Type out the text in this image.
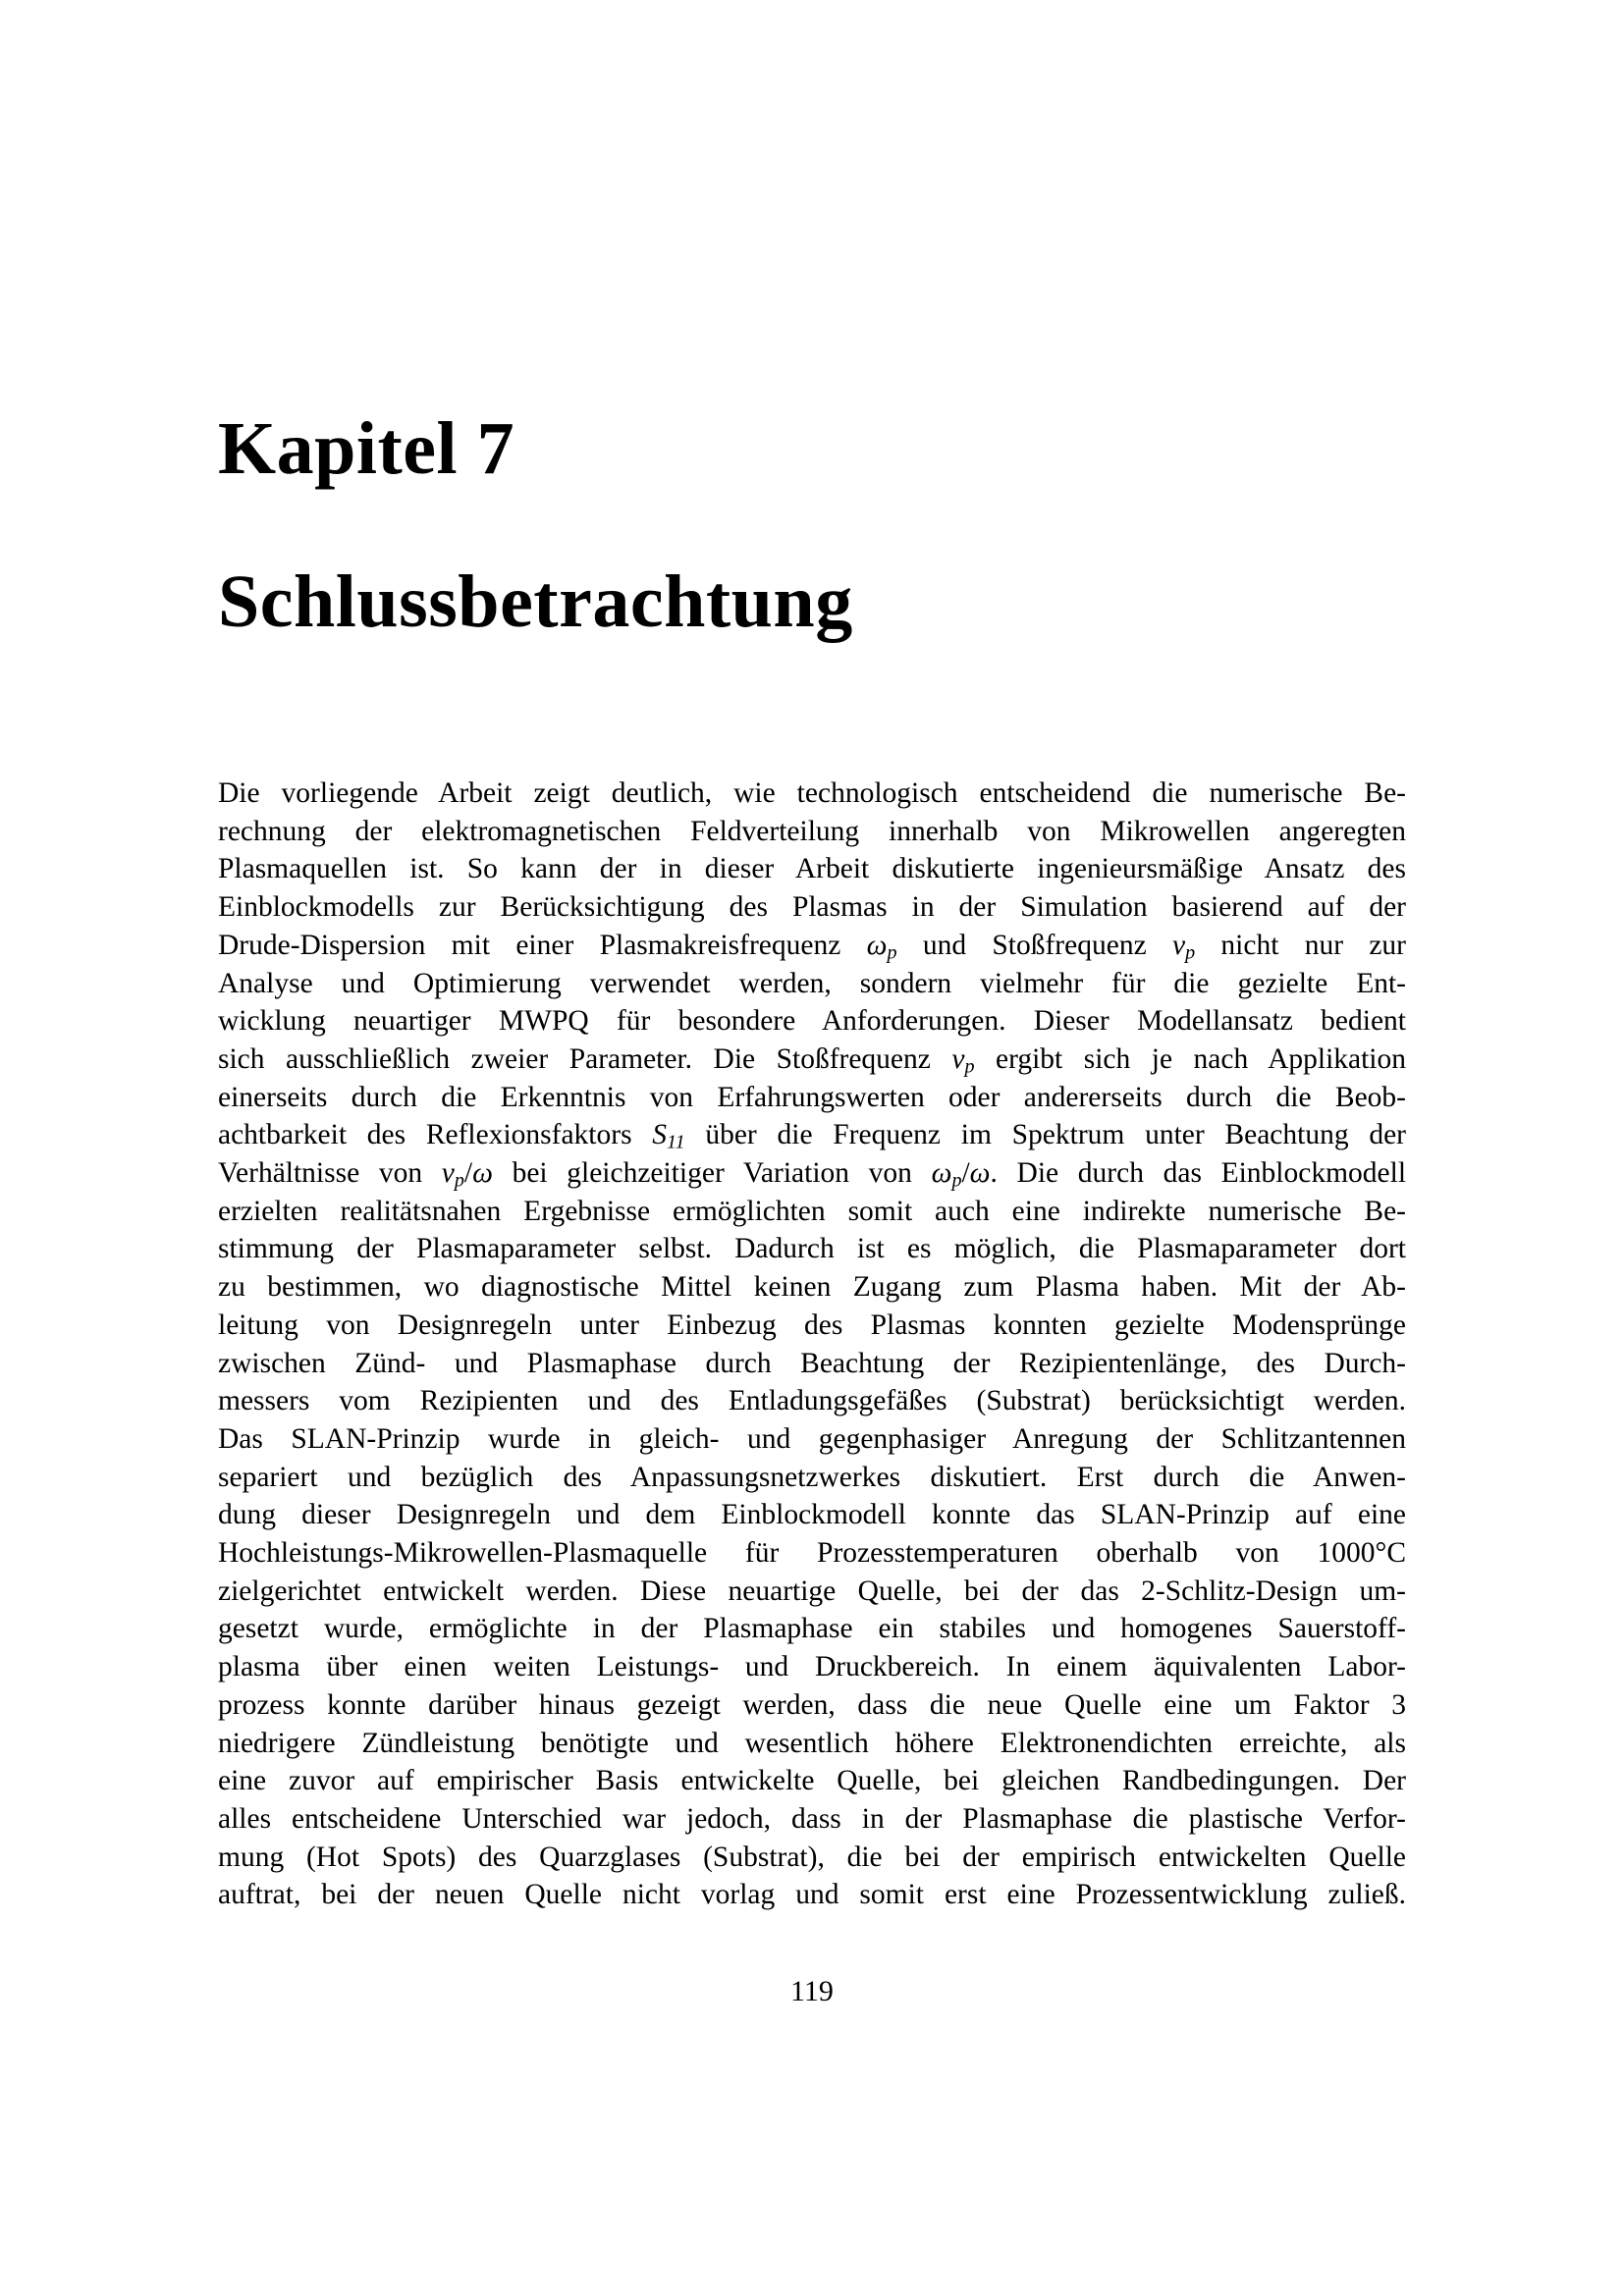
Kapitel 7
Schlussbetrachtung
Die vorliegende Arbeit zeigt deutlich, wie technologisch entscheidend die numerische Be-
rechnung der elektromagnetischen Feldverteilung innerhalb von Mikrowellen angeregten
Plasmaquellen ist. So kann der in dieser Arbeit diskutierte ingenieursmäßige Ansatz des
Einblockmodells zur Berücksichtigung des Plasmas in der Simulation basierend auf der
Drude-Dispersion mit einer Plasmakreisfrequenz $\omega_p$ und Stoßfrequenz $\nu_p$ nicht nur zur
Analyse und Optimierung verwendet werden, sondern vielmehr für die gezielte Ent-
wicklung neuartiger MWPQ für besondere Anforderungen. Dieser Modellansatz bedient
sich ausschließlich zweier Parameter. Die Stoßfrequenz $\nu_p$ ergibt sich je nach Applikation
einerseits durch die Erkenntnis von Erfahrungswerten oder andererseits durch die Beob-
achtbarkeit des Reflexionsfaktors $S_{11}$ über die Frequenz im Spektrum unter Beachtung der
Verhältnisse von $\nu_p/\omega$ bei gleichzeitiger Variation von $\omega_p/\omega$. Die durch das Einblockmodell
erzielten realitätsnahen Ergebnisse ermöglichten somit auch eine indirekte numerische Be-
stimmung der Plasmaparameter selbst. Dadurch ist es möglich, die Plasmaparameter dort
zu bestimmen, wo diagnostische Mittel keinen Zugang zum Plasma haben. Mit der Ab-
leitung von Designregeln unter Einbezug des Plasmas konnten gezielte Modensprünge
zwischen Zünd- und Plasmaphase durch Beachtung der Rezipientenlänge, des Durch-
messers vom Rezipienten und des Entladungsgefäßes (Substrat) berücksichtigt werden.
Das SLAN-Prinzip wurde in gleich- und gegenphasiger Anregung der Schlitzantennen
separiert und bezüglich des Anpassungsnetzwerkes diskutiert. Erst durch die Anwen-
dung dieser Designregeln und dem Einblockmodell konnte das SLAN-Prinzip auf eine
Hochleistungs-Mikrowellen-Plasmaquelle für Prozesstemperaturen oberhalb von 1000°C
zielgerichtet entwickelt werden. Diese neuartige Quelle, bei der das 2-Schlitz-Design um-
gesetzt wurde, ermöglichte in der Plasmaphase ein stabiles und homogenes Sauerstoff-
plasma über einen weiten Leistungs- und Druckbereich. In einem äquivalenten Labor-
prozess konnte darüber hinaus gezeigt werden, dass die neue Quelle eine um Faktor 3
niedrigere Zündleistung benötigte und wesentlich höhere Elektronendichten erreichte, als
eine zuvor auf empirischer Basis entwickelte Quelle, bei gleichen Randbedingungen. Der
alles entscheidene Unterschied war jedoch, dass in der Plasmaphase die plastische Verfor-
mung (Hot Spots) des Quarzglases (Substrat), die bei der empirisch entwickelten Quelle
auftrat, bei der neuen Quelle nicht vorlag und somit erst eine Prozessentwicklung zuließ.
119
